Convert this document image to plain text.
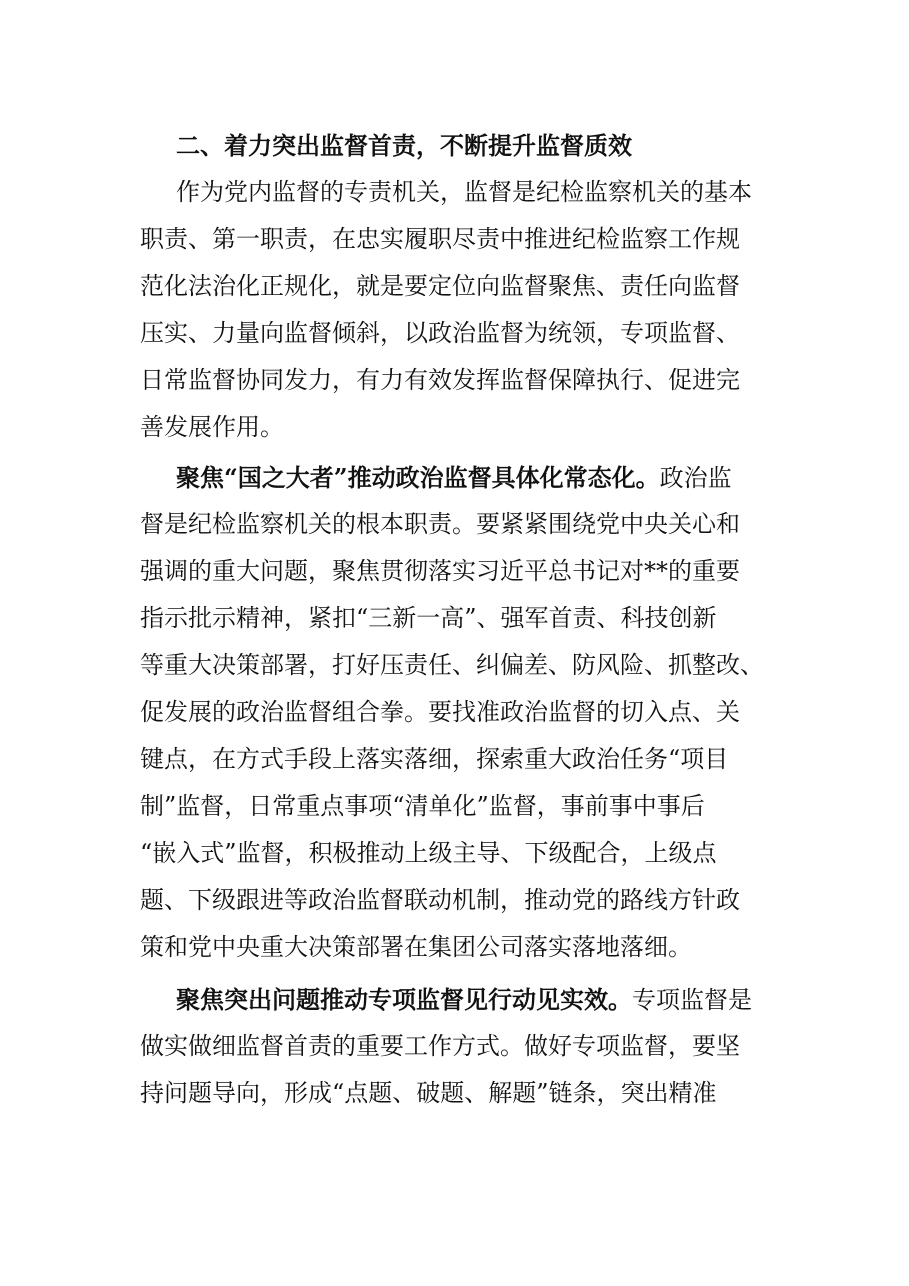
二、着力突出监督首责，不断提升监督质效
作为党内监督的专责机关，监督是纪检监察机关的基本
职责、第一职责，在忠实履职尽责中推进纪检监察工作规
范化法治化正规化，就是要定位向监督聚焦、责任向监督
压实、力量向监督倾斜，以政治监督为统领，专项监督、
日常监督协同发力，有力有效发挥监督保障执行、促进完
善发展作用。
聚焦“国之大者”推动政治监督具体化常态化。政治监
督是纪检监察机关的根本职责。要紧紧围绕党中央关心和
强调的重大问题，聚焦贯彻落实习近平总书记对**的重要
指示批示精神，紧扣“三新一高”、强军首责、科技创新
等重大决策部署，打好压责任、纠偏差、防风险、抓整改、
促发展的政治监督组合拳。要找准政治监督的切入点、关
键点，在方式手段上落实落细，探索重大政治任务“项目
制”监督，日常重点事项“清单化”监督，事前事中事后
“嵌入式”监督，积极推动上级主导、下级配合，上级点
题、下级跟进等政治监督联动机制，推动党的路线方针政
策和党中央重大决策部署在集团公司落实落地落细。
聚焦突出问题推动专项监督见行动见实效。专项监督是
做实做细监督首责的重要工作方式。做好专项监督，要坚
持问题导向，形成“点题、破题、解题”链条，突出精准
